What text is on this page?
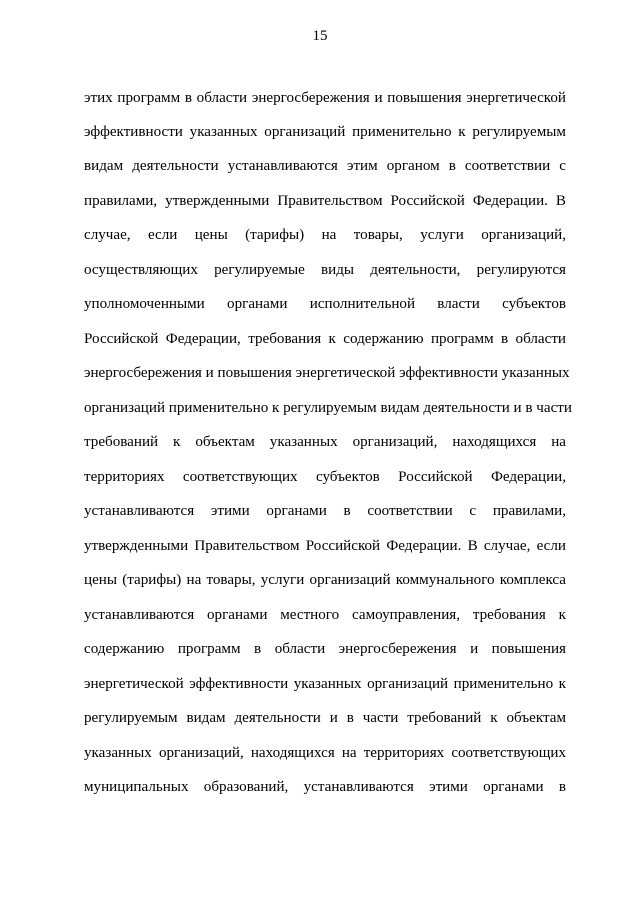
15
этих программ в области энергосбережения и повышения энергетической
эффективности указанных организаций применительно к регулируемым
видам деятельности устанавливаются этим органом в соответствии с
правилами, утвержденными Правительством Российской Федерации. В
случае, если цены (тарифы) на товары, услуги организаций,
осуществляющих регулируемые виды деятельности, регулируются
уполномоченными органами исполнительной власти субъектов
Российской Федерации, требования к содержанию программ в области
энергосбережения и повышения энергетической эффективности указанных
организаций применительно к регулируемым видам деятельности и в части
требований к объектам указанных организаций, находящихся на
территориях соответствующих субъектов Российской Федерации,
устанавливаются этими органами в соответствии с правилами,
утвержденными Правительством Российской Федерации. В случае, если
цены (тарифы) на товары, услуги организаций коммунального комплекса
устанавливаются органами местного самоуправления, требования к
содержанию программ в области энергосбережения и повышения
энергетической эффективности указанных организаций применительно к
регулируемым видам деятельности и в части требований к объектам
указанных организаций, находящихся на территориях соответствующих
муниципальных образований, устанавливаются этими органами в
